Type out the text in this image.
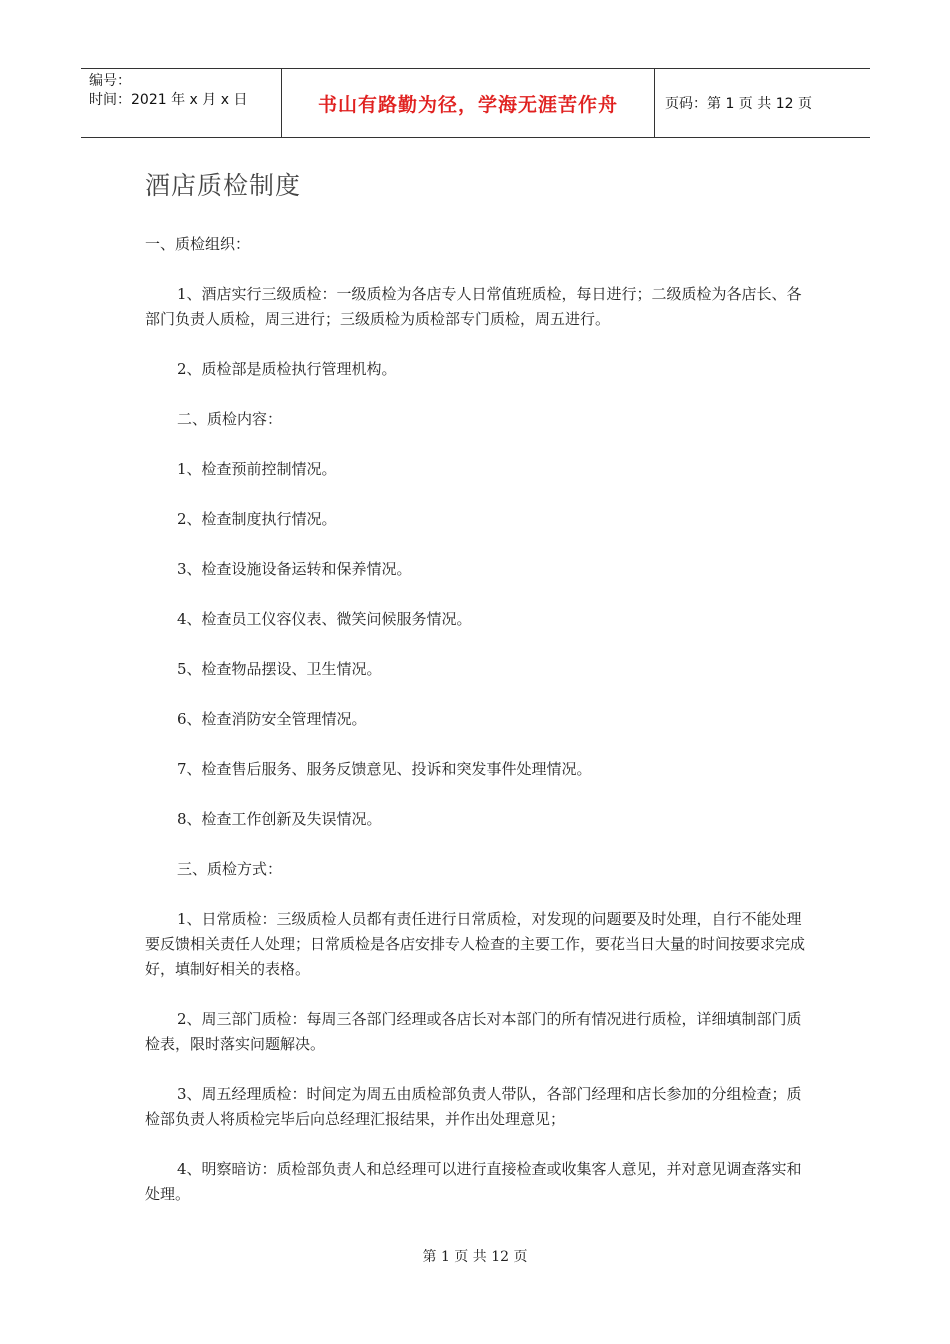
编号：
时间：2021 年 x 月 x 日	书山有路勤为径，学海无涯苦作舟	页码：第 1 页 共 12 页
酒店质检制度

一、质检组织：

1、酒店实行三级质检：一级质检为各店专人日常值班质检，每日进行；二级质检为各店长、各部门负责人质检，周三进行；三级质检为质检部专门质检，周五进行。

2、质检部是质检执行管理机构。

二、质检内容：

1、检查预前控制情况。

2、检查制度执行情况。

3、检查设施设备运转和保养情况。

4、检查员工仪容仪表、微笑问候服务情况。

5、检查物品摆设、卫生情况。

6、检查消防安全管理情况。

7、检查售后服务、服务反馈意见、投诉和突发事件处理情况。

8、检查工作创新及失误情况。

三、质检方式：

1、日常质检：三级质检人员都有责任进行日常质检，对发现的问题要及时处理，自行不能处理要反馈相关责任人处理；日常质检是各店安排专人检查的主要工作，要花当日大量的时间按要求完成好，填制好相关的表格。

2、周三部门质检：每周三各部门经理或各店长对本部门的所有情况进行质检，详细填制部门质检表，限时落实问题解决。

3、周五经理质检：时间定为周五由质检部负责人带队，各部门经理和店长参加的分组检查；质检部负责人将质检完毕后向总经理汇报结果，并作出处理意见；

4、明察暗访：质检部负责人和总经理可以进行直接检查或收集客人意见，并对意见调查落实和处理。

第 1 页 共 12 页
